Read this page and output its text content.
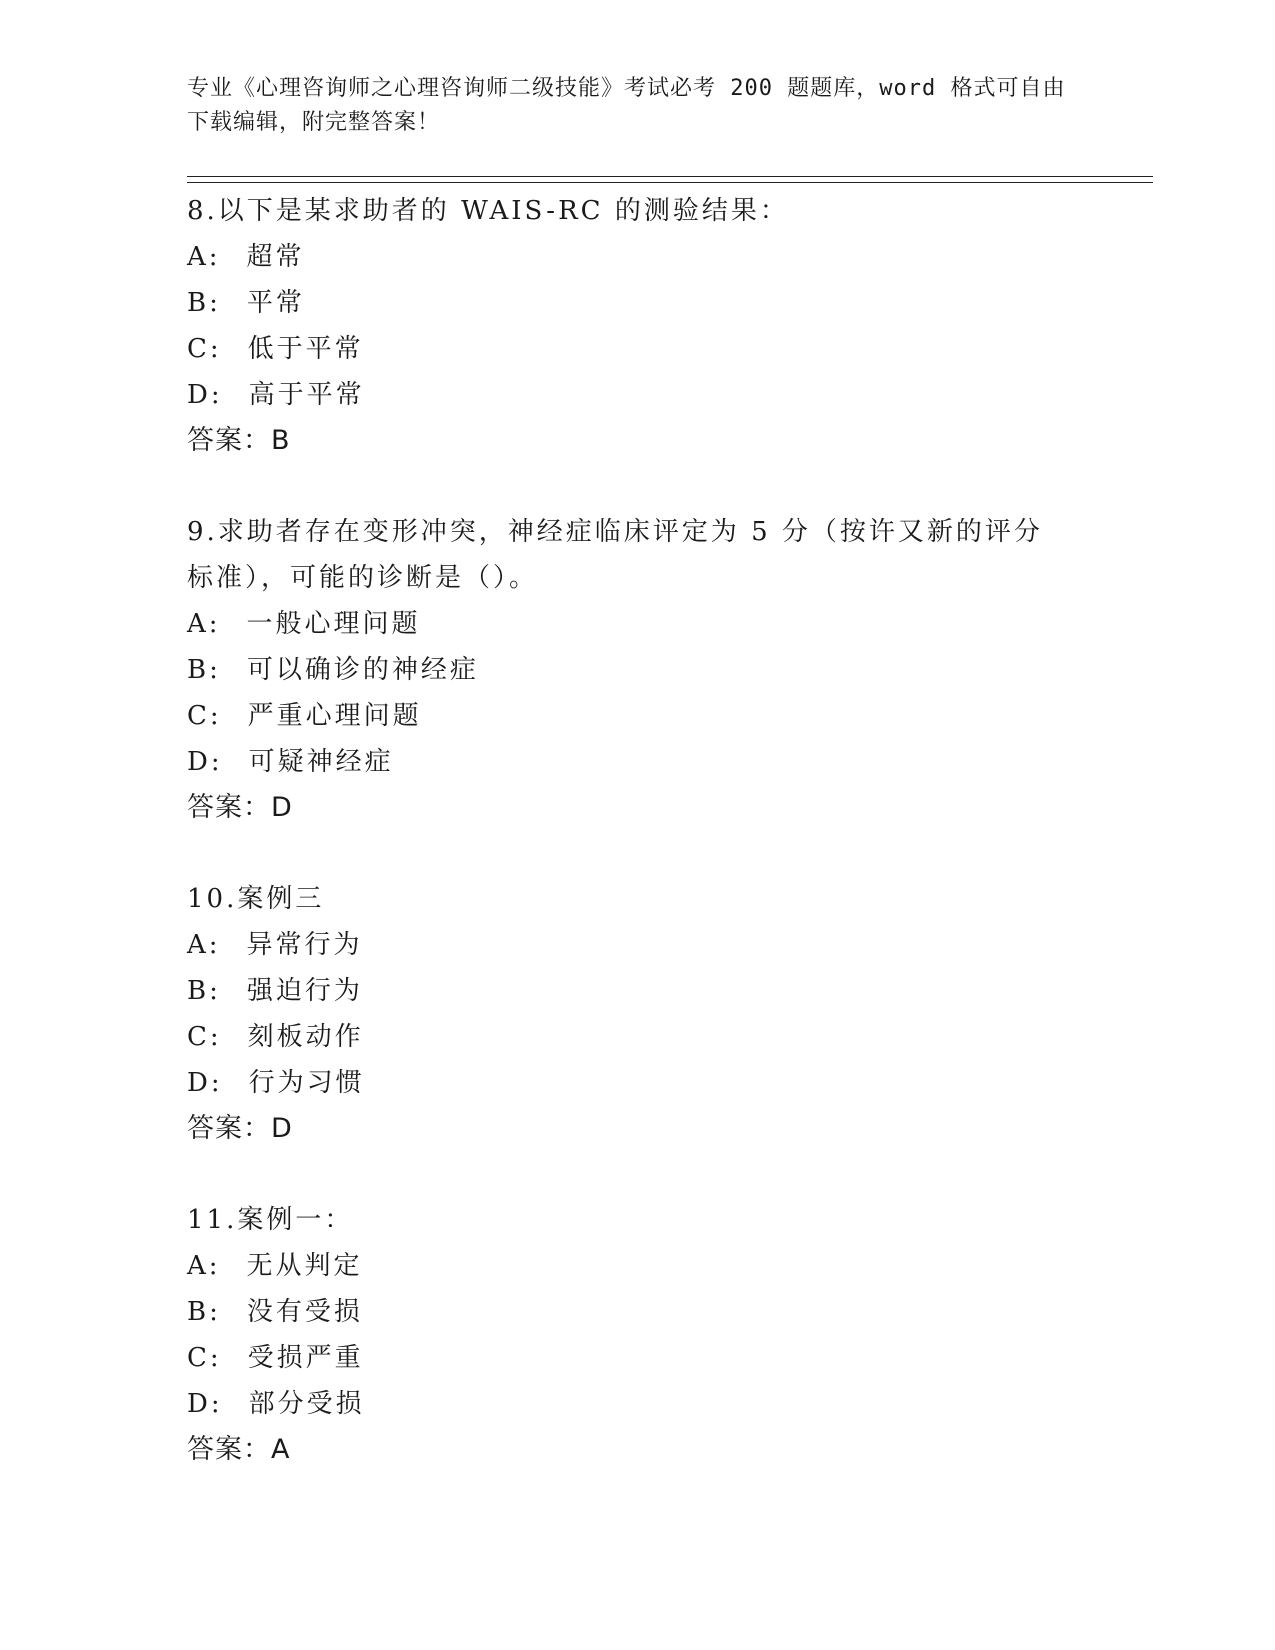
专业《心理咨询师之心理咨询师二级技能》考试必考 200 题题库，word 格式可自由下载编辑，附完整答案！
8.以下是某求助者的 WAIS-RC 的测验结果：
A: 超常
B: 平常
C: 低于平常
D: 高于平常
答案：B
9.求助者存在变形冲突，神经症临床评定为 5 分（按许又新的评分标准），可能的诊断是（）。
A: 一般心理问题
B: 可以确诊的神经症
C: 严重心理问题
D: 可疑神经症
答案：D
10.案例三
A: 异常行为
B: 强迫行为
C: 刻板动作
D: 行为习惯
答案：D
11.案例一：
A: 无从判定
B: 没有受损
C: 受损严重
D: 部分受损
答案：A
